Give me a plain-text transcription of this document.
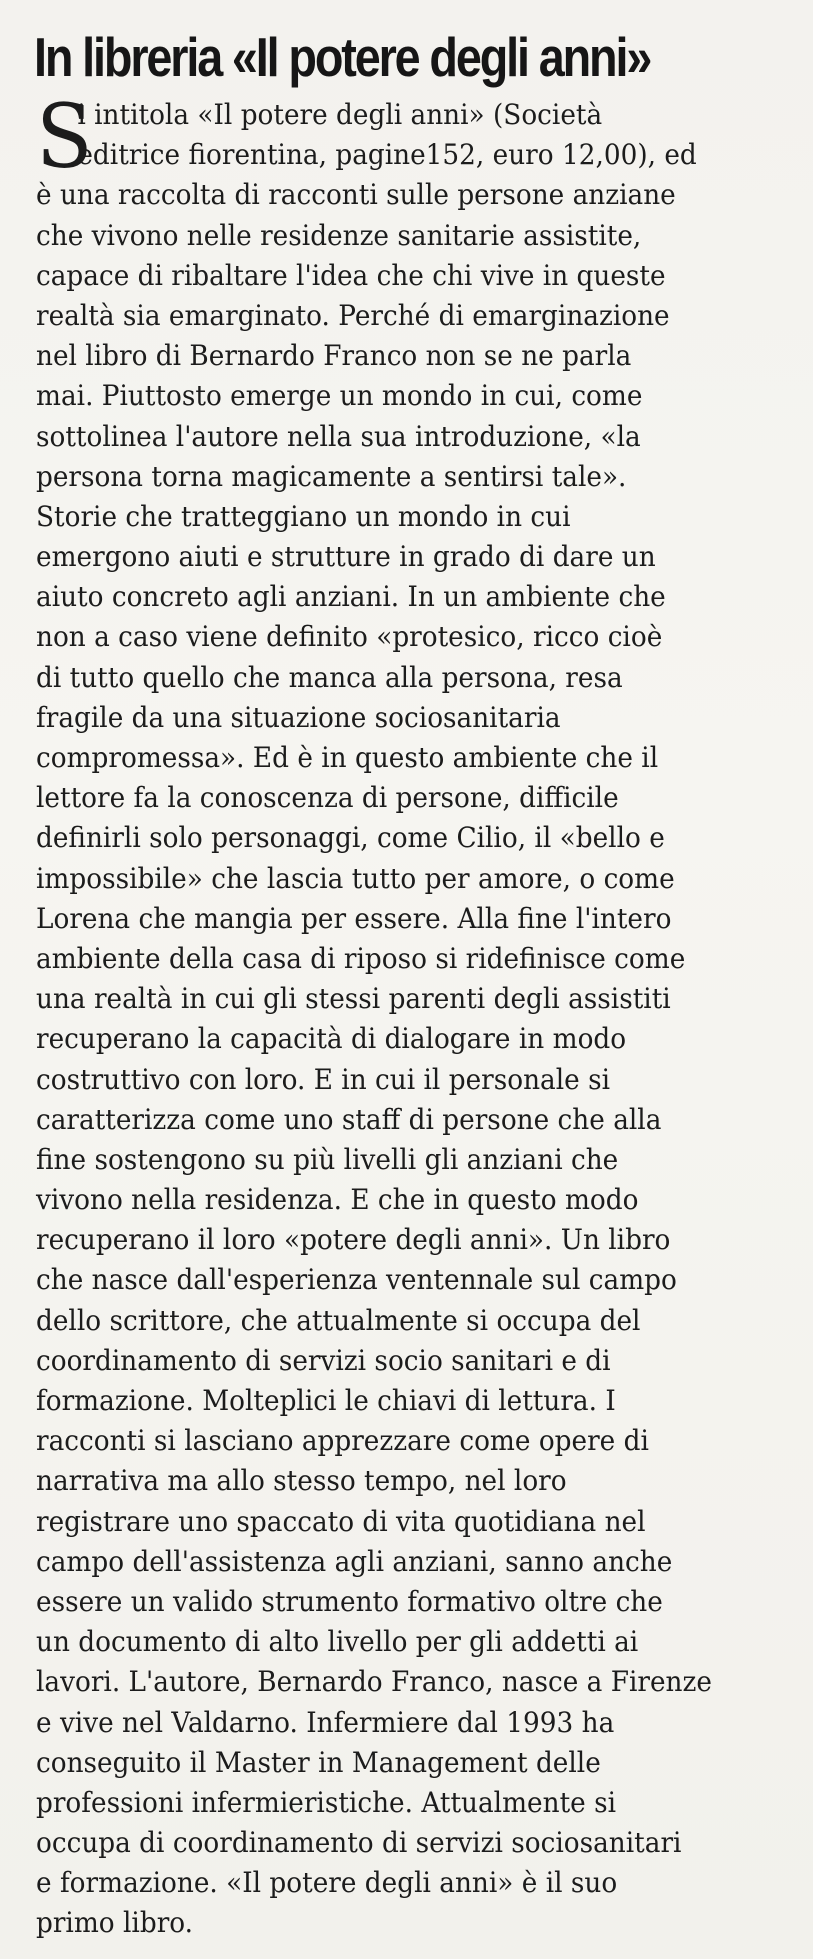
In libreria «Il potere degli anni»
S
i intitola «Il potere degli anni» (Società
editrice fiorentina, pagine152, euro 12,00), ed
è una raccolta di racconti sulle persone anziane
che vivono nelle residenze sanitarie assistite,
capace di ribaltare l'idea che chi vive in queste
realtà sia emarginato. Perché di emarginazione
nel libro di Bernardo Franco non se ne parla
mai. Piuttosto emerge un mondo in cui, come
sottolinea l'autore nella sua introduzione, «la
persona torna magicamente a sentirsi tale».
Storie che tratteggiano un mondo in cui
emergono aiuti e strutture in grado di dare un
aiuto concreto agli anziani. In un ambiente che
non a caso viene definito «protesico, ricco cioè
di tutto quello che manca alla persona, resa
fragile da una situazione sociosanitaria
compromessa». Ed è in questo ambiente che il
lettore fa la conoscenza di persone, difficile
definirli solo personaggi, come Cilio, il «bello e
impossibile» che lascia tutto per amore, o come
Lorena che mangia per essere. Alla fine l'intero
ambiente della casa di riposo si ridefinisce come
una realtà in cui gli stessi parenti degli assistiti
recuperano la capacità di dialogare in modo
costruttivo con loro. E in cui il personale si
caratterizza come uno staff di persone che alla
fine sostengono su più livelli gli anziani che
vivono nella residenza. E che in questo modo
recuperano il loro «potere degli anni». Un libro
che nasce dall'esperienza ventennale sul campo
dello scrittore, che attualmente si occupa del
coordinamento di servizi socio sanitari e di
formazione. Molteplici le chiavi di lettura. I
racconti si lasciano apprezzare come opere di
narrativa ma allo stesso tempo, nel loro
registrare uno spaccato di vita quotidiana nel
campo dell'assistenza agli anziani, sanno anche
essere un valido strumento formativo oltre che
un documento di alto livello per gli addetti ai
lavori. L'autore, Bernardo Franco, nasce a Firenze
e vive nel Valdarno. Infermiere dal 1993 ha
conseguito il Master in Management delle
professioni infermieristiche. Attualmente si
occupa di coordinamento di servizi sociosanitari
e formazione. «Il potere degli anni» è il suo
primo libro.
